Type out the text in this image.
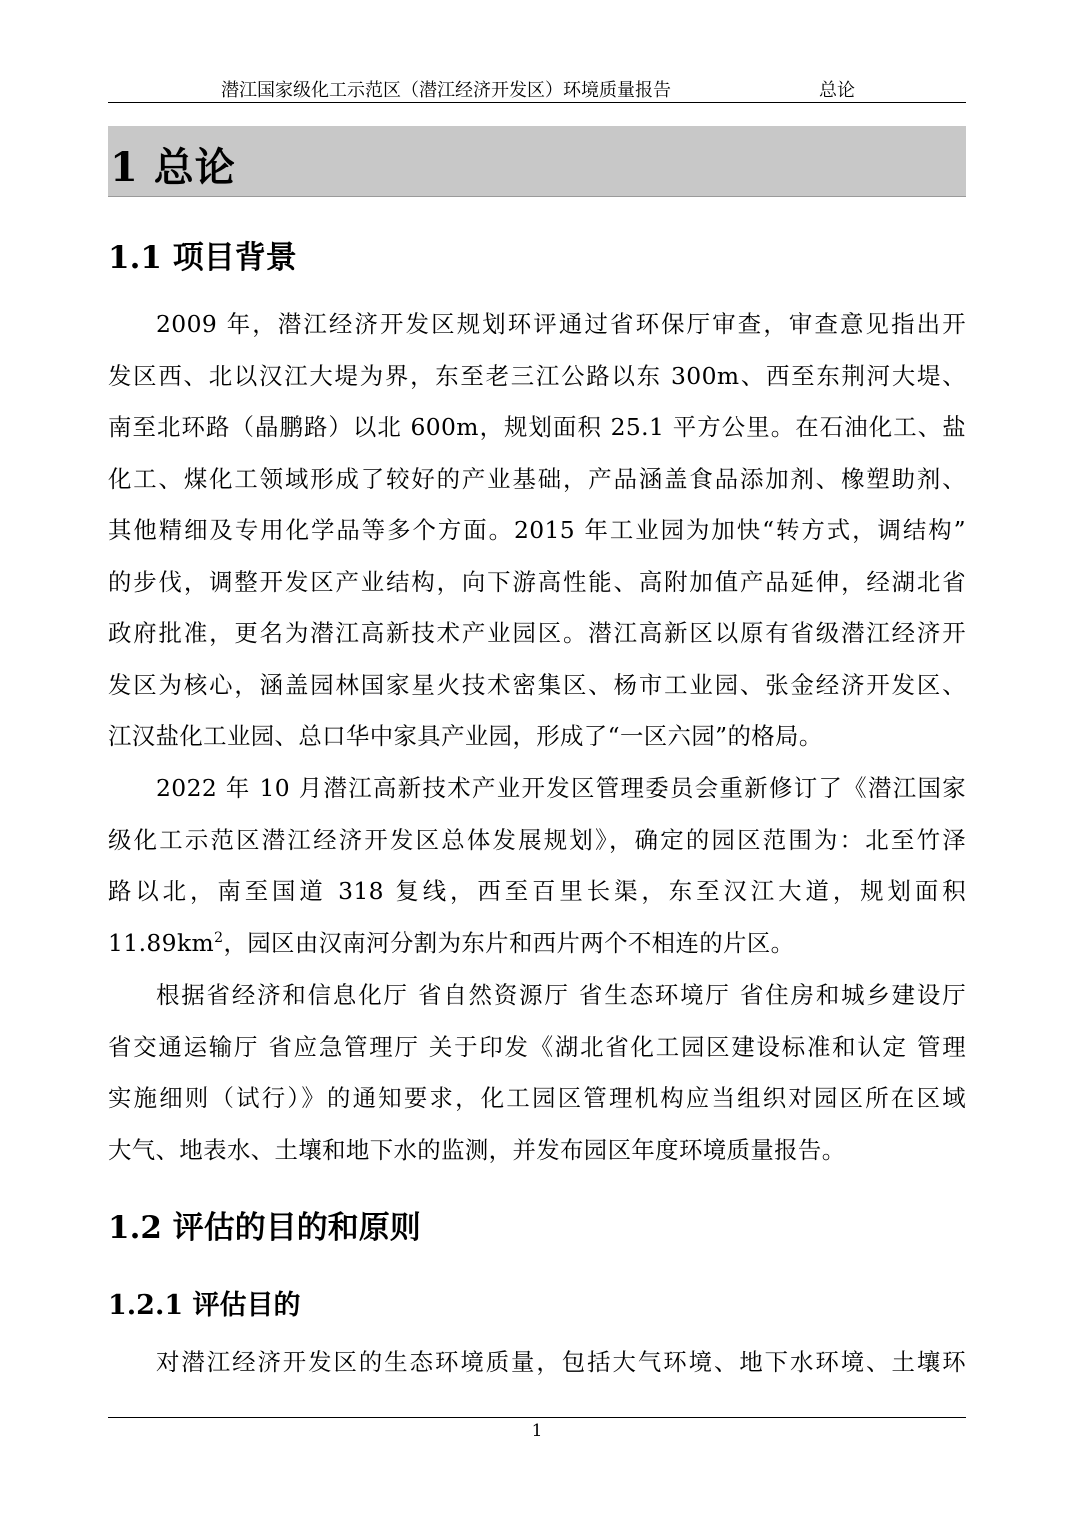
潜江国家级化工示范区（潜江经济开发区）环境质量报告	总论
1 总论
1.1 项目背景
2009 年，潜江经济开发区规划环评通过省环保厅审查，审查意见指出开
发区西、北以汉江大堤为界，东至老三江公路以东 300m、西至东荆河大堤、
南至北环路（晶鹏路）以北 600m，规划面积 25.1 平方公里。在石油化工、盐
化工、煤化工领域形成了较好的产业基础，产品涵盖食品添加剂、橡塑助剂、
其他精细及专用化学品等多个方面。2015 年工业园为加快“转方式，调结构”
的步伐，调整开发区产业结构，向下游高性能、高附加值产品延伸，经湖北省
政府批准，更名为潜江高新技术产业园区。潜江高新区以原有省级潜江经济开
发区为核心，涵盖园林国家星火技术密集区、杨市工业园、张金经济开发区、
江汉盐化工业园、总口华中家具产业园，形成了“一区六园”的格局。
2022 年 10 月潜江高新技术产业开发区管理委员会重新修订了《潜江国家
级化工示范区潜江经济开发区总体发展规划》，确定的园区范围为：北至竹泽
路以北，南至国道 318 复线，西至百里长渠，东至汉江大道，规划面积
$11.89km^2$，园区由汉南河分割为东片和西片两个不相连的片区。
根据省经济和信息化厅 省自然资源厅 省生态环境厅 省住房和城乡建设厅
省交通运输厅 省应急管理厅 关于印发《湖北省化工园区建设标准和认定 管理
实施细则（试行）》的通知要求，化工园区管理机构应当组织对园区所在区域
大气、地表水、土壤和地下水的监测，并发布园区年度环境质量报告。
1.2 评估的目的和原则
1.2.1 评估目的
对潜江经济开发区的生态环境质量，包括大气环境、地下水环境、土壤环
1
